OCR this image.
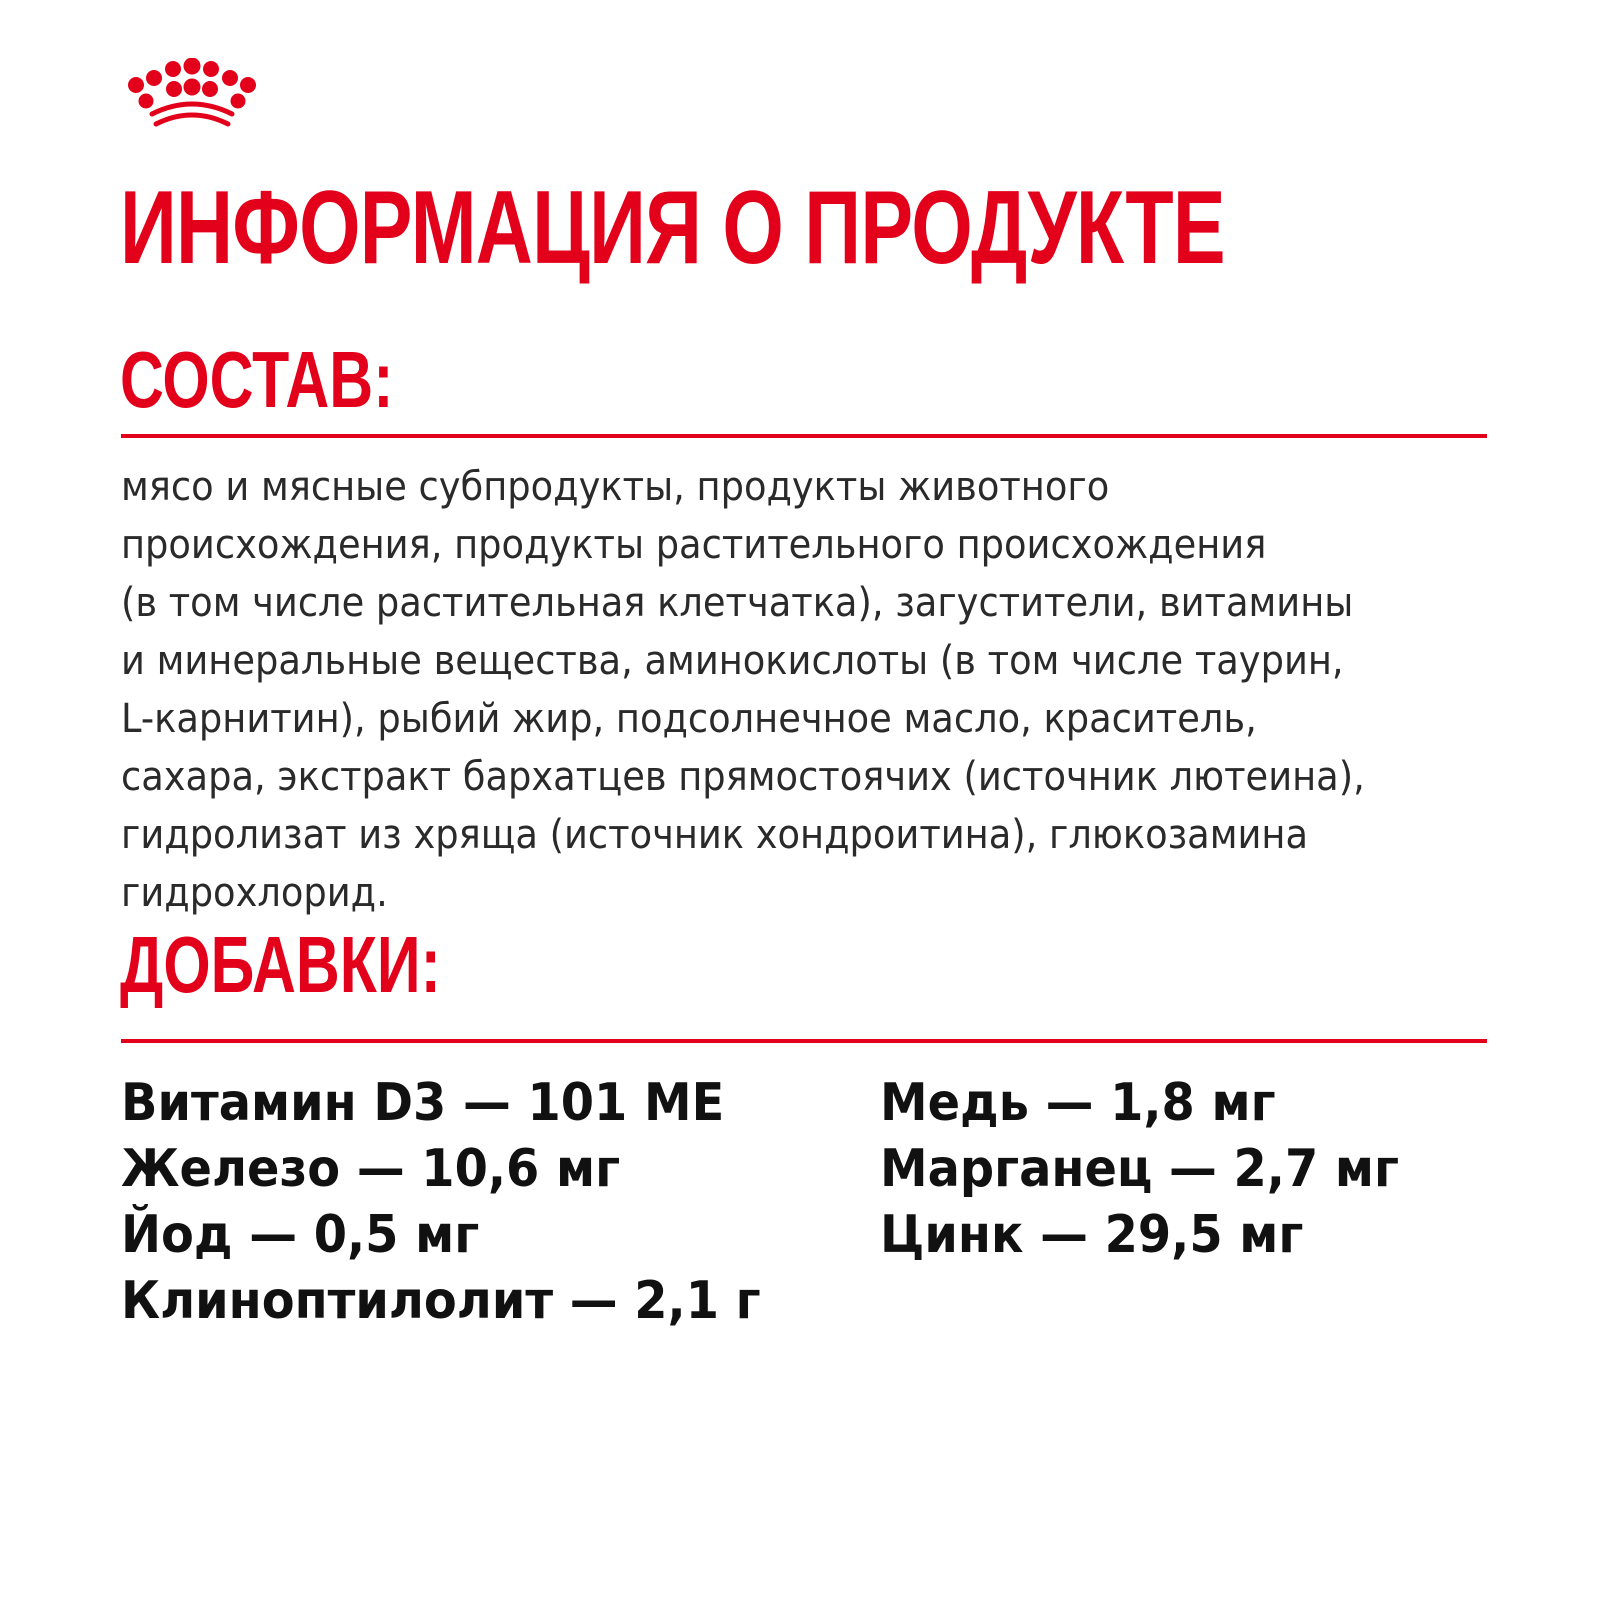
ИНФОРМАЦИЯ О ПРОДУКТЕ
СОСТАВ:

мясо и мясные субпродукты, продукты животного
происхождения, продукты растительного происхождения
(в том числе растительная клетчатка), загустители, витамины
и минеральные вещества, аминокислоты (в том числе таурин,
L-карнитин), рыбий жир, подсолнечное масло, краситель,
сахара, экстракт бархатцев прямостоячих (источник лютеина),
гидролизат из хряща (источник хондроитина), глюкозамина
гидрохлорид.

ДОБАВКИ:
Витамин D3 — 101 МЕ
Железо — 10,6 мг
Йод — 0,5 мг
Клиноптилолит — 2,1 г
Медь — 1,8 мг
Марганец — 2,7 мг
Цинк — 29,5 мг
